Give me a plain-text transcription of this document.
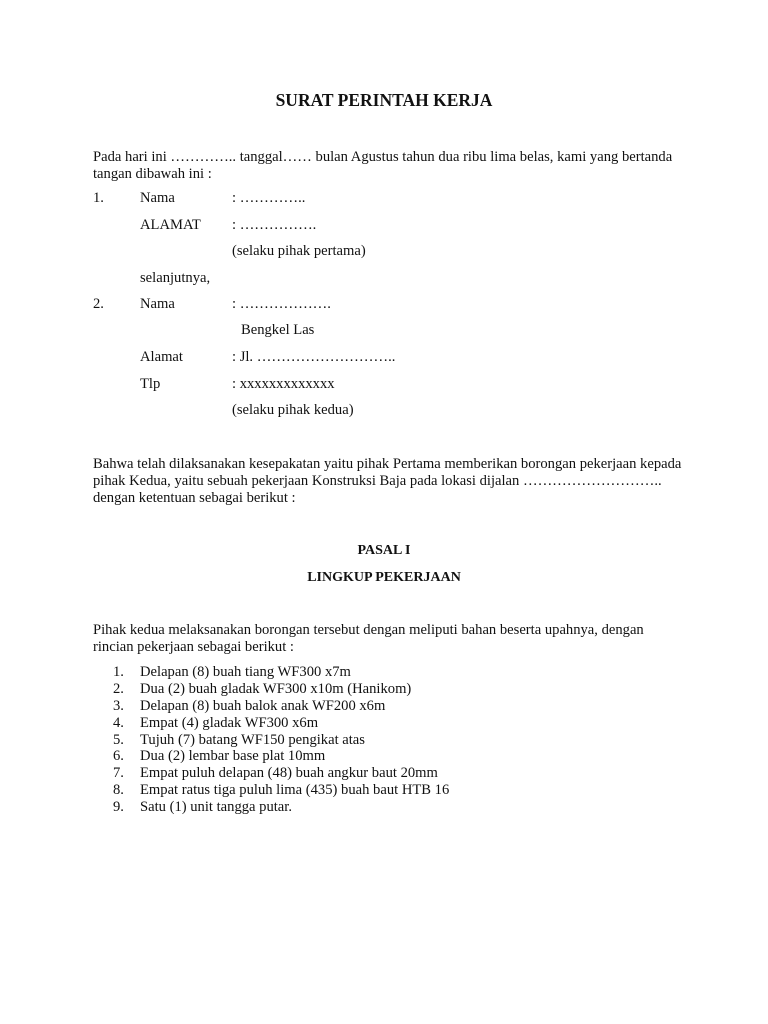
SURAT PERINTAH KERJA
Pada hari ini ………….. tanggal…… bulan Agustus tahun dua ribu lima belas, kami yang bertanda tangan dibawah ini :
1. Nama	: …………..
ALAMAT : …………….
(selaku pihak pertama)
selanjutnya,
2. Nama	: ……………….
Bengkel Las
Alamat	: Jl. ………………………..
Tlp	: xxxxxxxxxxxxx
(selaku pihak kedua)
Bahwa telah dilaksanakan kesepakatan yaitu pihak Pertama memberikan borongan pekerjaan kepada pihak Kedua, yaitu sebuah pekerjaan Konstruksi Baja pada lokasi dijalan ……………………….. dengan ketentuan sebagai berikut :
PASAL I
LINGKUP PEKERJAAN
Pihak kedua melaksanakan borongan tersebut dengan meliputi bahan beserta upahnya, dengan rincian pekerjaan sebagai berikut :
1.	Delapan (8) buah tiang WF300 x7m
2.	Dua (2) buah gladak WF300 x10m (Hanikom)
3.	Delapan (8) buah balok anak WF200 x6m
4.	Empat (4) gladak WF300 x6m
5.	Tujuh (7) batang WF150 pengikat atas
6.	Dua (2) lembar base plat 10mm
7.	Empat puluh delapan (48) buah angkur baut 20mm
8.	Empat ratus tiga puluh lima (435) buah baut HTB 16
9.	Satu (1) unit tangga putar.
